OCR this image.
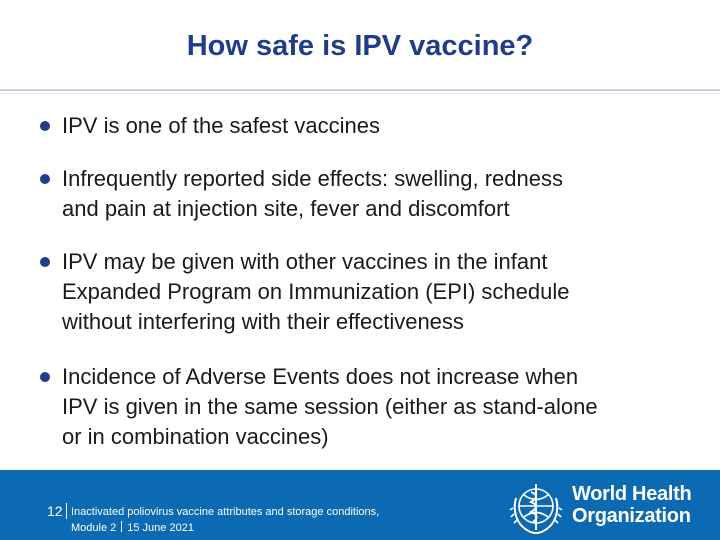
How safe is IPV vaccine?
IPV is one of the safest vaccines
Infrequently reported side effects: swelling, redness
and pain at injection site, fever and discomfort
IPV may be given with other vaccines in the infant
Expanded Program on Immunization (EPI) schedule
without interfering with their effectiveness
Incidence of Adverse Events does not increase when
IPV is given in the same session (either as stand-alone
or in combination vaccines)
12 Inactivated poliovirus vaccine attributes and storage conditions,
Module 2 15 June 2021
World Health
Organization
